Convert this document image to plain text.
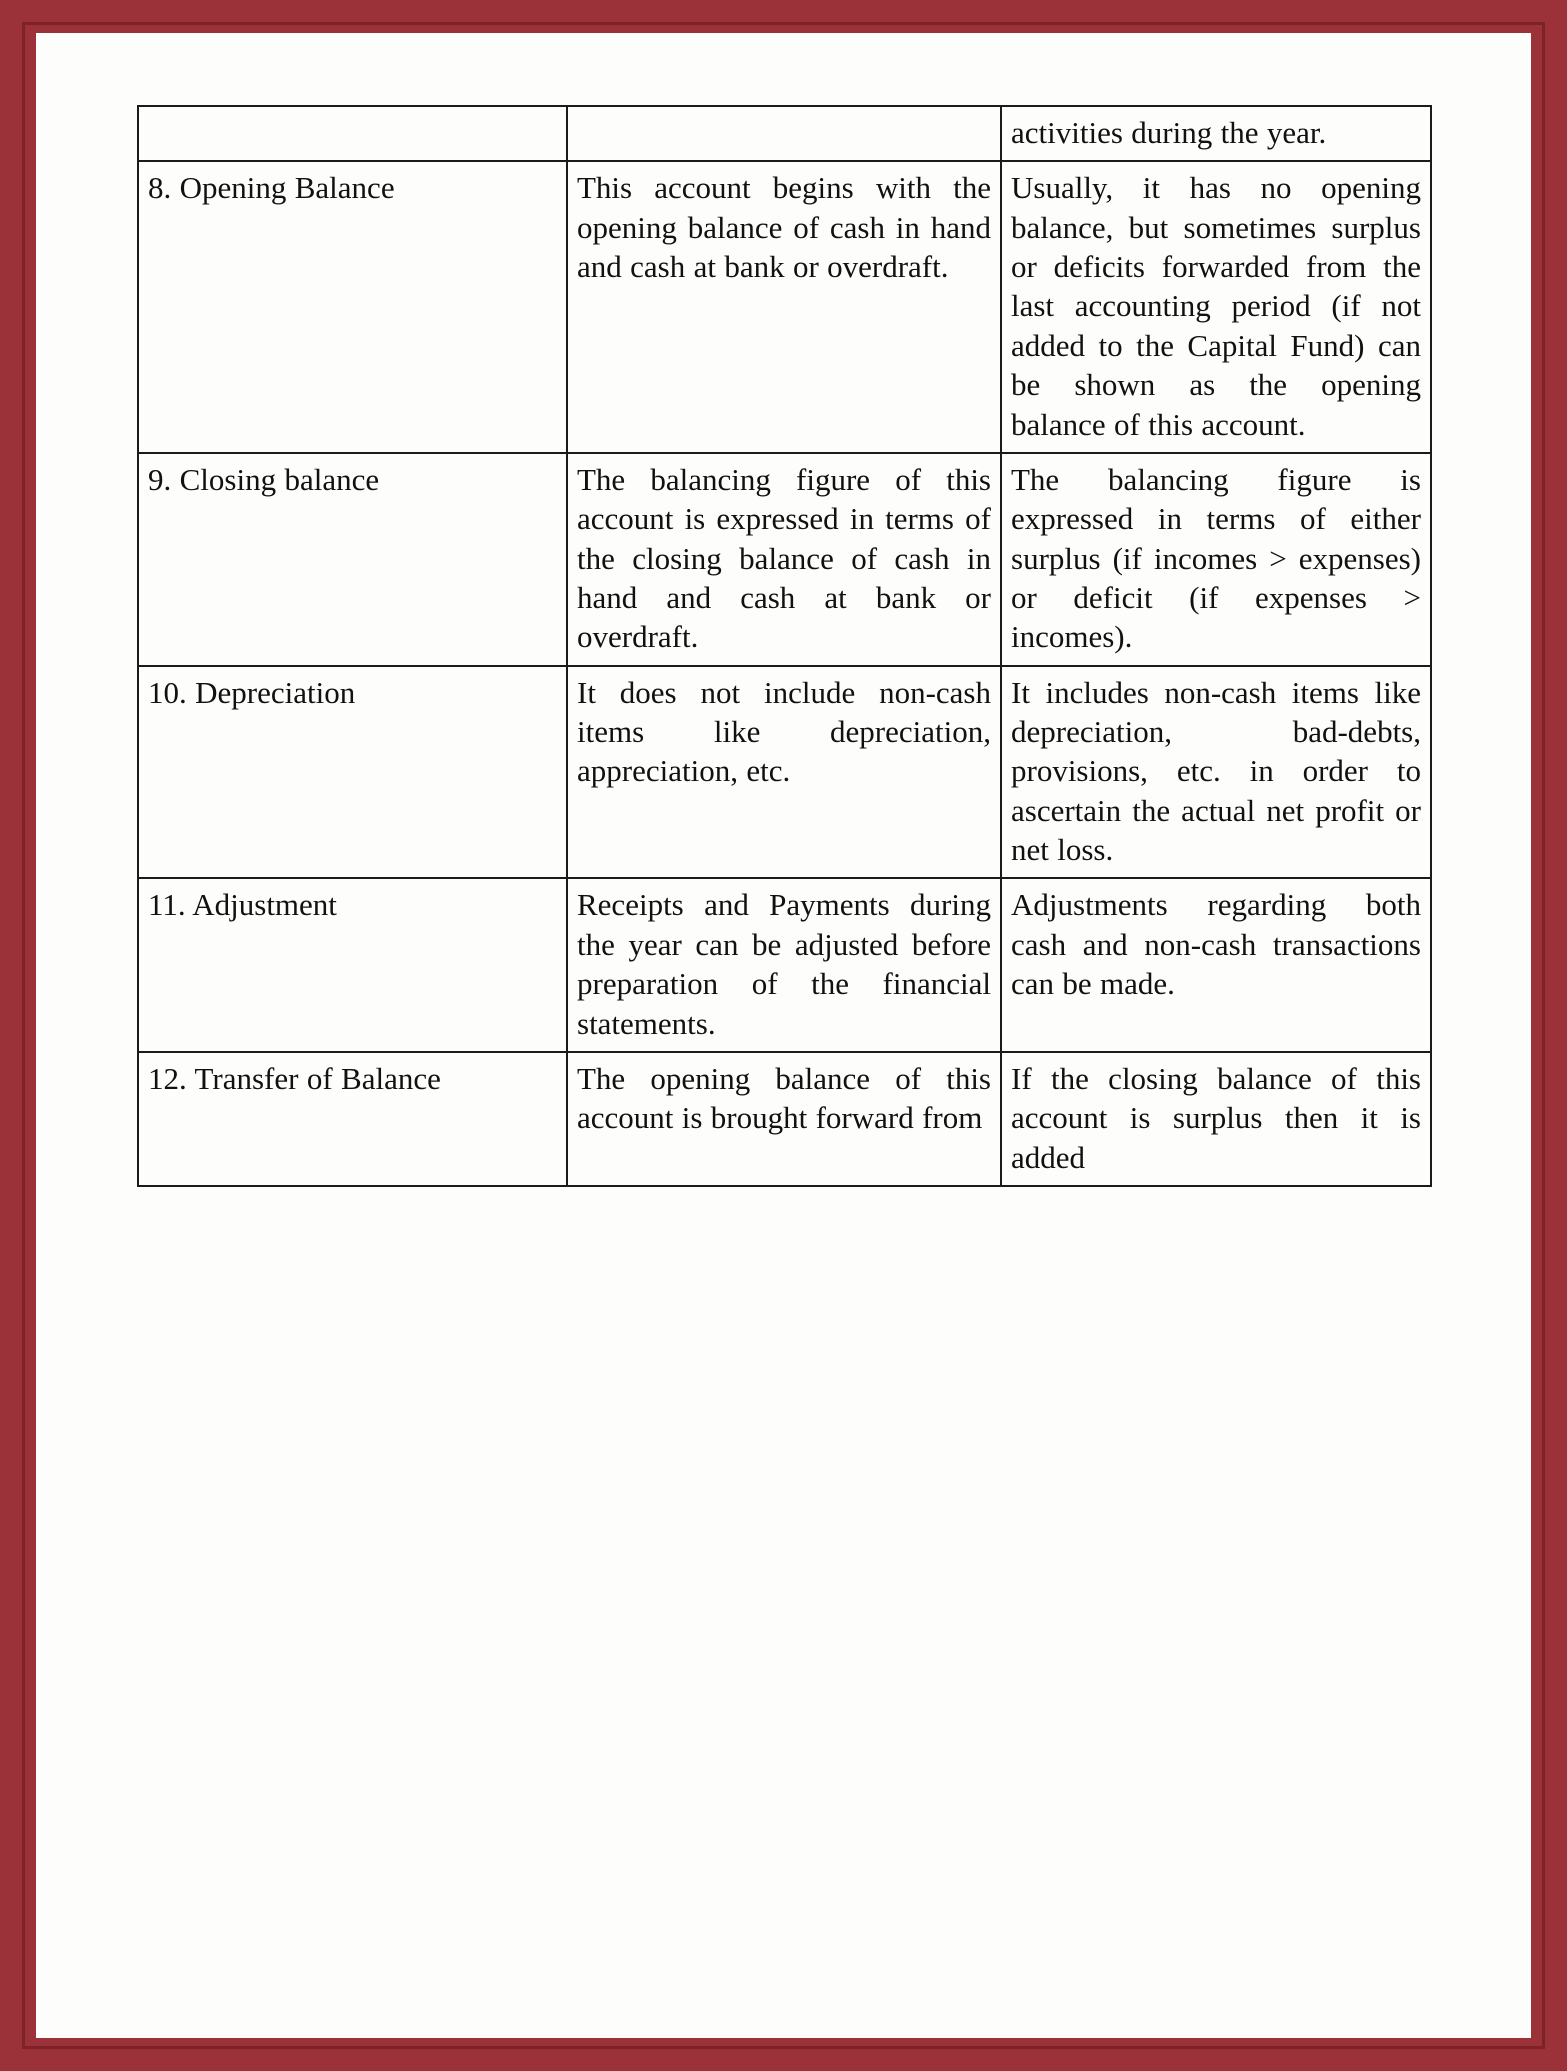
		activities during the year.
8. Opening Balance	This account begins with the opening balance of cash in hand and cash at bank or overdraft.	Usually, it has no opening balance, but sometimes surplus or deficits forwarded from the last accounting period (if not added to the Capital Fund) can be shown as the opening balance of this account.
9. Closing balance	The balancing figure of this account is expressed in terms of the closing balance of cash in hand and cash at bank or overdraft.	The balancing figure is expressed in terms of either surplus (if incomes > expenses) or deficit (if expenses > incomes).
10. Depreciation	It does not include non-cash items like depreciation, appreciation, etc.	It includes non-cash items like depreciation, bad-debts, provisions, etc. in order to ascertain the actual net profit or net loss.
11. Adjustment	Receipts and Payments during the year can be adjusted before preparation of the financial statements.	Adjustments regarding both cash and non-cash transactions can be made.
12. Transfer of Balance	The opening balance of this account is brought forward from	If the closing balance of this account is surplus then it is added
